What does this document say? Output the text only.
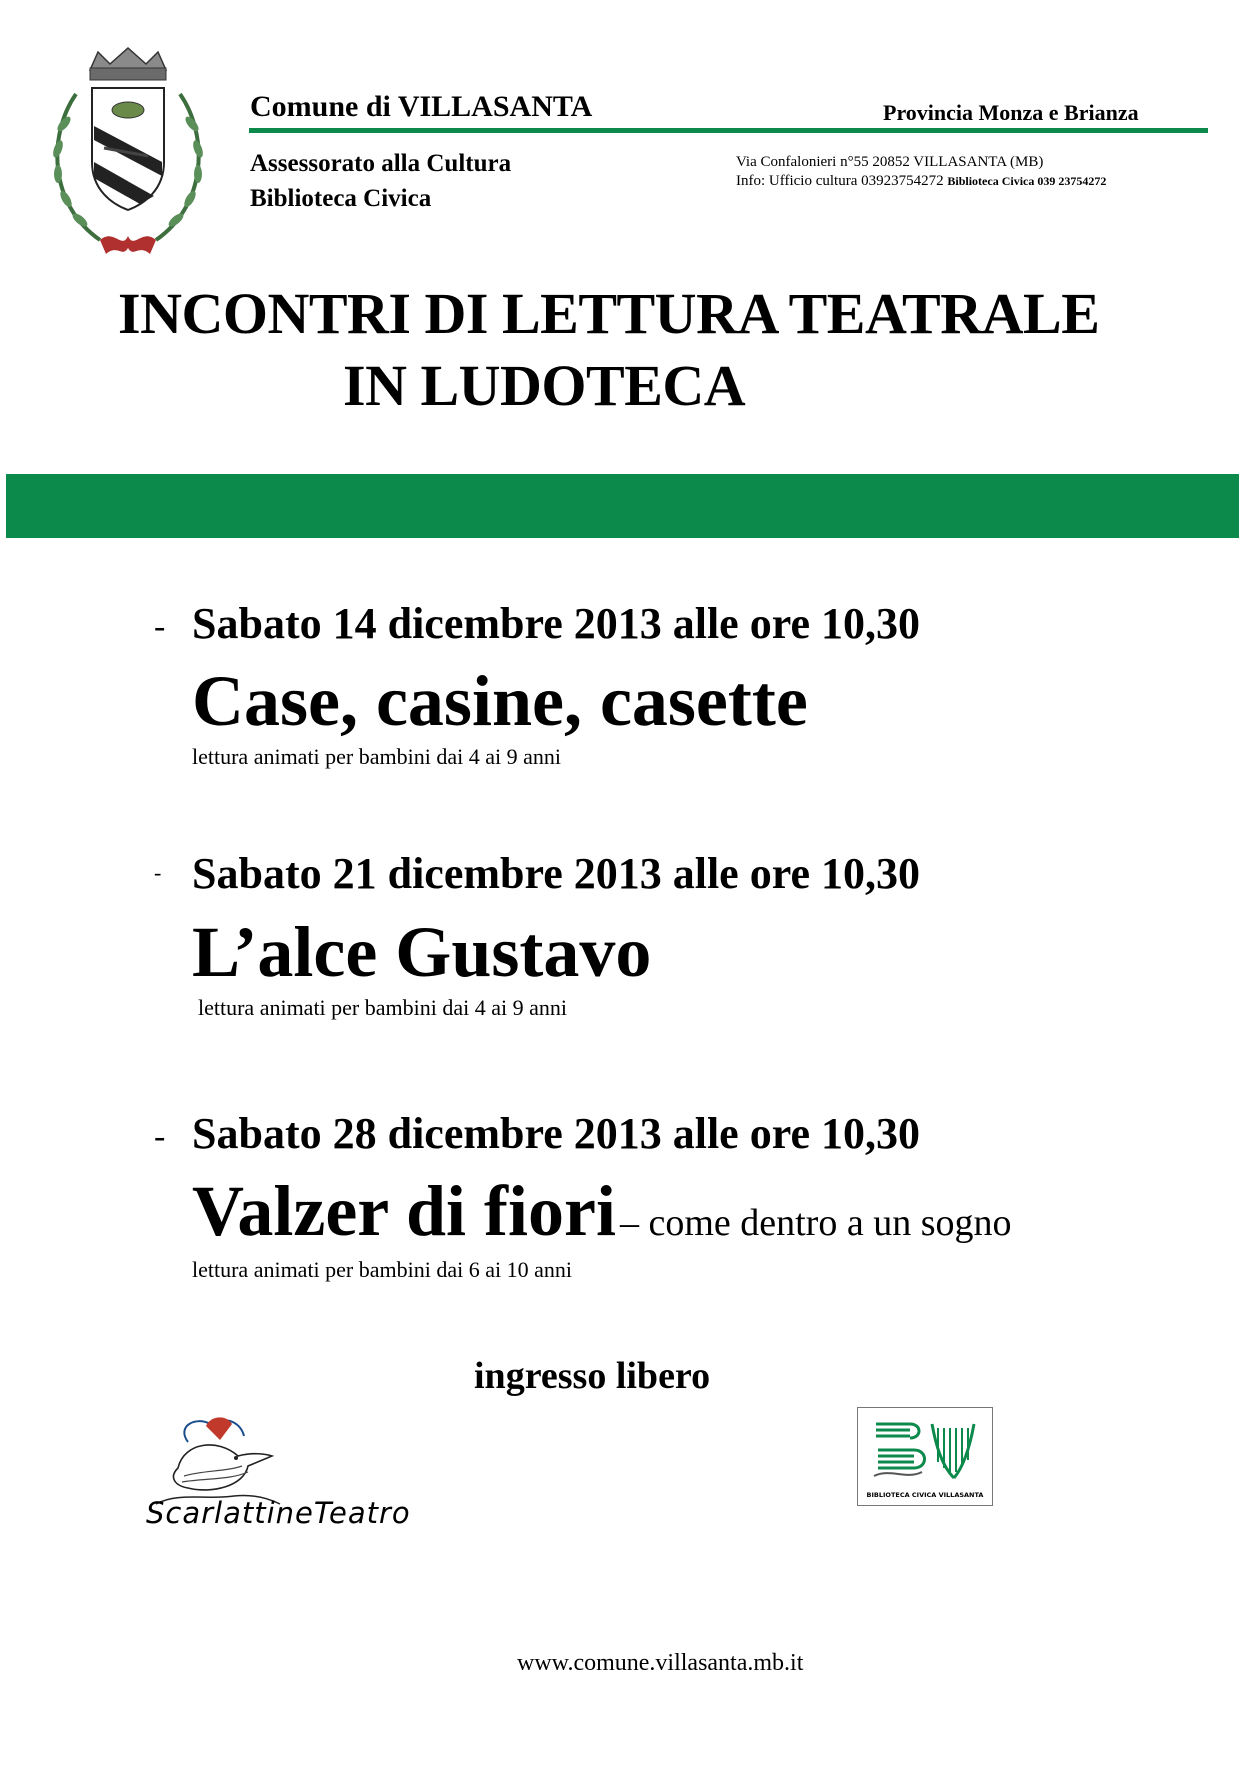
Comune di VILLASANTA	Provincia Monza e Brianza
Assessorato alla Cultura
Biblioteca Civica
Via Confalonieri n°55 20852 VILLASANTA (MB)
Info: Ufficio cultura 03923754272 Biblioteca Civica 039 23754272
INCONTRI DI LETTURA TEATRALE
IN LUDOTECA
- Sabato 14 dicembre 2013 alle ore 10,30
Case, casine, casette
lettura animati per bambini dai 4 ai 9 anni
- Sabato 21 dicembre 2013 alle ore 10,30
L’alce Gustavo
lettura animati per bambini dai 4 ai 9 anni
- Sabato 28 dicembre 2013 alle ore 10,30
Valzer di fiori – come dentro a un sogno
lettura animati per bambini dai 6 ai 10 anni
ingresso libero
ScarlattineTeatro
BIBLIOTECA CIVICA VILLASANTA
www.comune.villasanta.mb.it
